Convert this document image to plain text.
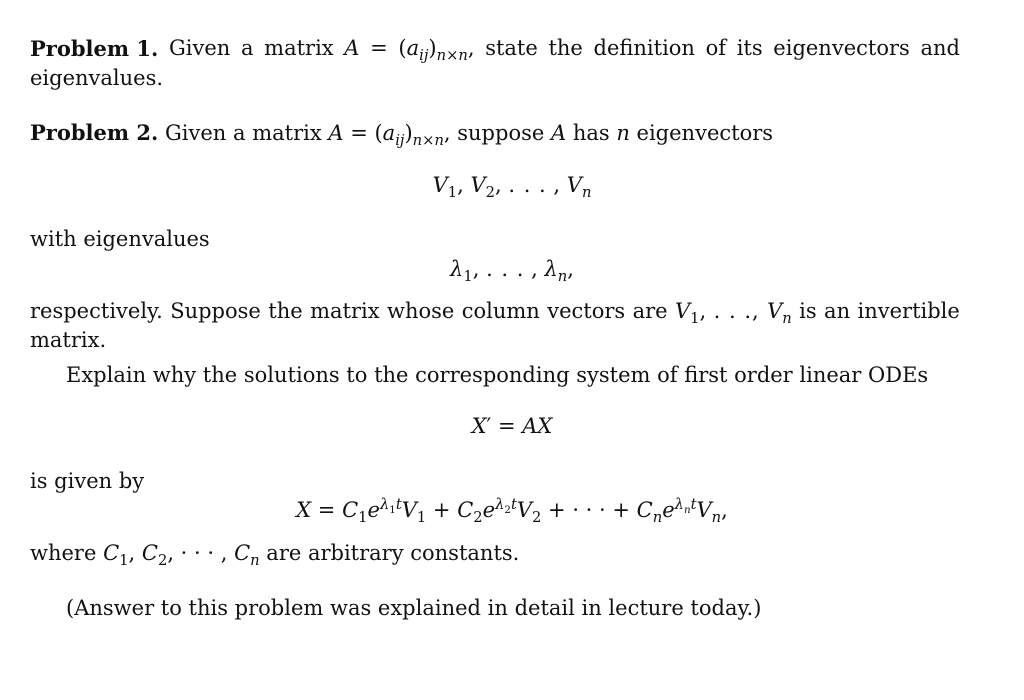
Problem 1. Given a matrix $A = (a_{ij})_{n\times n}$, state the definition of its eigenvectors and
eigenvalues.
Problem 2. Given a matrix $A = (a_{ij})_{n\times n}$, suppose A has n eigenvectors
$V_1$, $V_2$, . . . , $V_n$
with eigenvalues
$\lambda_1$, . . . , $\lambda_n$,
respectively. Suppose the matrix whose column vectors are $V_1$, . . ., $V_n$ is an invertible
matrix.
Explain why the solutions to the corresponding system of first order linear ODEs
X′ = AX
is given by
$X = C_1e^{\lambda_1t}V_1 + C_2e^{\lambda_2t}V_2$ + · · · + $C_ne^{\lambda_nt}V_n$,
where $C_1$, $C_2$, · · · , $C_n$ are arbitrary constants.
(Answer to this problem was explained in detail in lecture today.)
